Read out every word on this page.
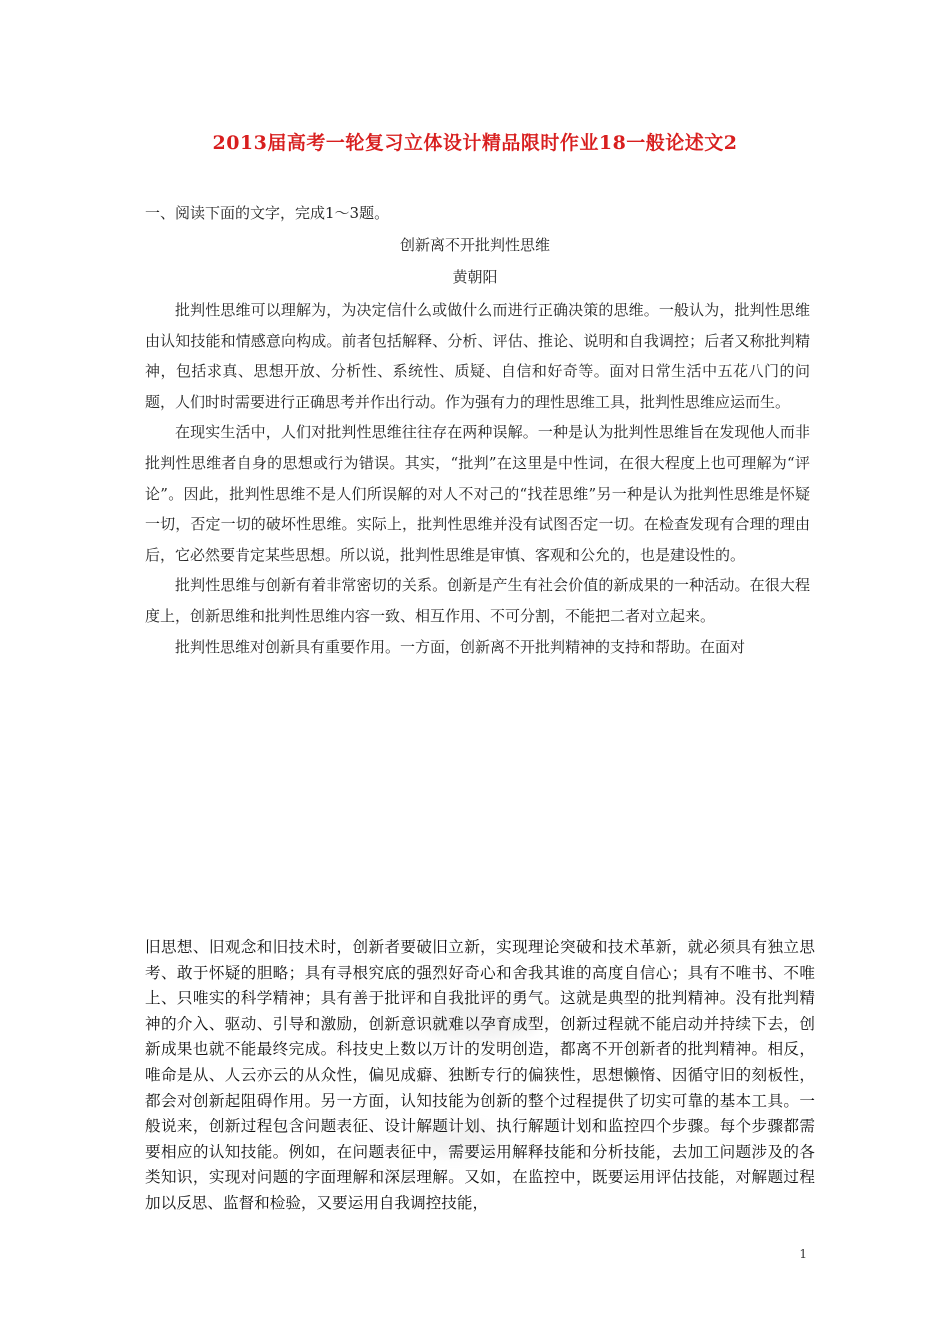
2013届高考一轮复习立体设计精品限时作业18一般论述文2
一、阅读下面的文字，完成1～3题。
创新离不开批判性思维
黄朝阳

批判性思维可以理解为，为决定信什么或做什么而进行正确决策的思维。一般认为，批判性思维由认知技能和情感意向构成。前者包括解释、分析、评估、推论、说明和自我调控；后者又称批判精神，包括求真、思想开放、分析性、系统性、质疑、自信和好奇等。面对日常生活中五花八门的问题，人们时时需要进行正确思考并作出行动。作为强有力的理性思维工具，批判性思维应运而生。

在现实生活中，人们对批判性思维往往存在两种误解。一种是认为批判性思维旨在发现他人而非批判性思维者自身的思想或行为错误。其实，“批判”在这里是中性词，在很大程度上也可理解为“评论”。因此，批判性思维不是人们所误解的对人不对己的“找茬思维”另一种是认为批判性思维是怀疑一切，否定一切的破坏性思维。实际上，批判性思维并没有试图否定一切。在检查发现有合理的理由后，它必然要肯定某些思想。所以说，批判性思维是审慎、客观和公允的，也是建设性的。

批判性思维与创新有着非常密切的关系。创新是产生有社会价值的新成果的一种活动。在很大程度上，创新思维和批判性思维内容一致、相互作用、不可分割，不能把二者对立起来。

批判性思维对创新具有重要作用。一方面，创新离不开批判精神的支持和帮助。在面对

旧思想、旧观念和旧技术时，创新者要破旧立新，实现理论突破和技术革新，就必须具有独立思考、敢于怀疑的胆略；具有寻根究底的强烈好奇心和舍我其谁的高度自信心；具有不唯书、不唯上、只唯实的科学精神；具有善于批评和自我批评的勇气。这就是典型的批判精神。没有批判精神的介入、驱动、引导和激励，创新意识就难以孕育成型，创新过程就不能启动并持续下去，创新成果也就不能最终完成。科技史上数以万计的发明创造，都离不开创新者的批判精神。相反，唯命是从、人云亦云的从众性，偏见成癖、独断专行的偏狭性，思想懒惰、因循守旧的刻板性，都会对创新起阻碍作用。另一方面，认知技能为创新的整个过程提供了切实可靠的基本工具。一般说来，创新过程包含问题表征、设计解题计划、执行解题计划和监控四个步骤。每个步骤都需要相应的认知技能。例如，在问题表征中，需要运用解释技能和分析技能，去加工问题涉及的各类知识，实现对问题的字面理解和深层理解。又如，在监控中，既要运用评估技能，对解题过程加以反思、监督和检验，又要运用自我调控技能，
1
